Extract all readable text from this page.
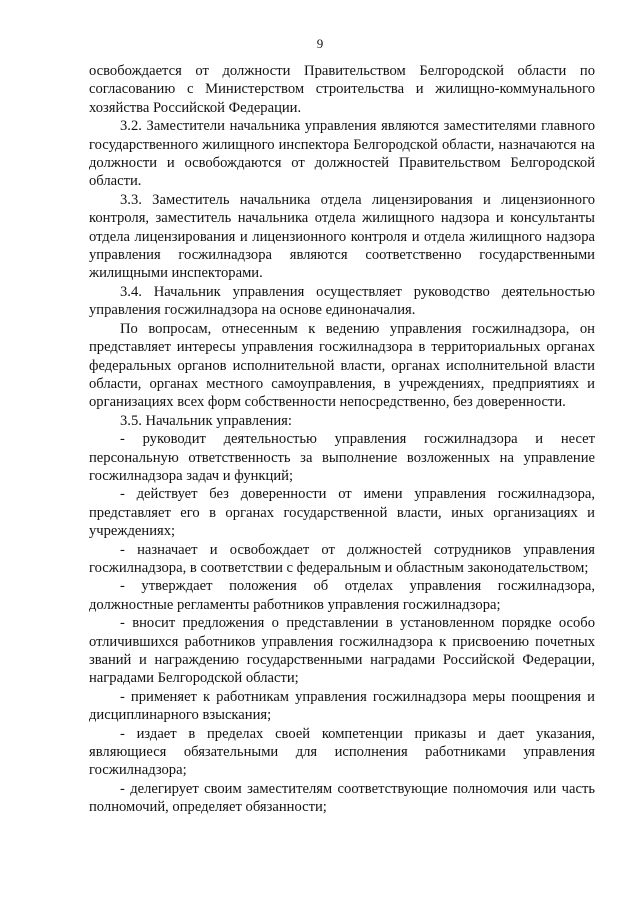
9

освобождается от должности Правительством Белгородской области по согласованию с Министерством строительства и жилищно-коммунального хозяйства Российской Федерации.

3.2. Заместители начальника управления являются заместителями главного государственного жилищного инспектора Белгородской области, назначаются на должности и освобождаются от должностей Правительством Белгородской области.

3.3. Заместитель начальника отдела лицензирования и лицензионного контроля, заместитель начальника отдела жилищного надзора и консультанты отдела лицензирования и лицензионного контроля и отдела жилищного надзора управления госжилнадзора являются соответственно государственными жилищными инспекторами.

3.4. Начальник управления осуществляет руководство деятельностью управления госжилнадзора на основе единоначалия.

По вопросам, отнесенным к ведению управления госжилнадзора, он представляет интересы управления госжилнадзора в территориальных органах федеральных органов исполнительной власти, органах исполнительной власти области, органах местного самоуправления, в учреждениях, предприятиях и организациях всех форм собственности непосредственно, без доверенности.

3.5. Начальник управления:

- руководит деятельностью управления госжилнадзора и несет персональную ответственность за выполнение возложенных на управление госжилнадзора задач и функций;

- действует без доверенности от имени управления госжилнадзора, представляет его в органах государственной власти, иных организациях и учреждениях;

- назначает и освобождает от должностей сотрудников управления госжилнадзора, в соответствии с федеральным и областным законодательством;

- утверждает положения об отделах управления госжилнадзора, должностные регламенты работников управления госжилнадзора;

- вносит предложения о представлении в установленном порядке особо отличившихся работников управления госжилнадзора к присвоению почетных званий и награждению государственными наградами Российской Федерации, наградами Белгородской области;

- применяет к работникам управления госжилнадзора меры поощрения и дисциплинарного взыскания;

- издает в пределах своей компетенции приказы и дает указания, являющиеся обязательными для исполнения работниками управления госжилнадзора;

- делегирует своим заместителям соответствующие полномочия или часть полномочий, определяет обязанности;
